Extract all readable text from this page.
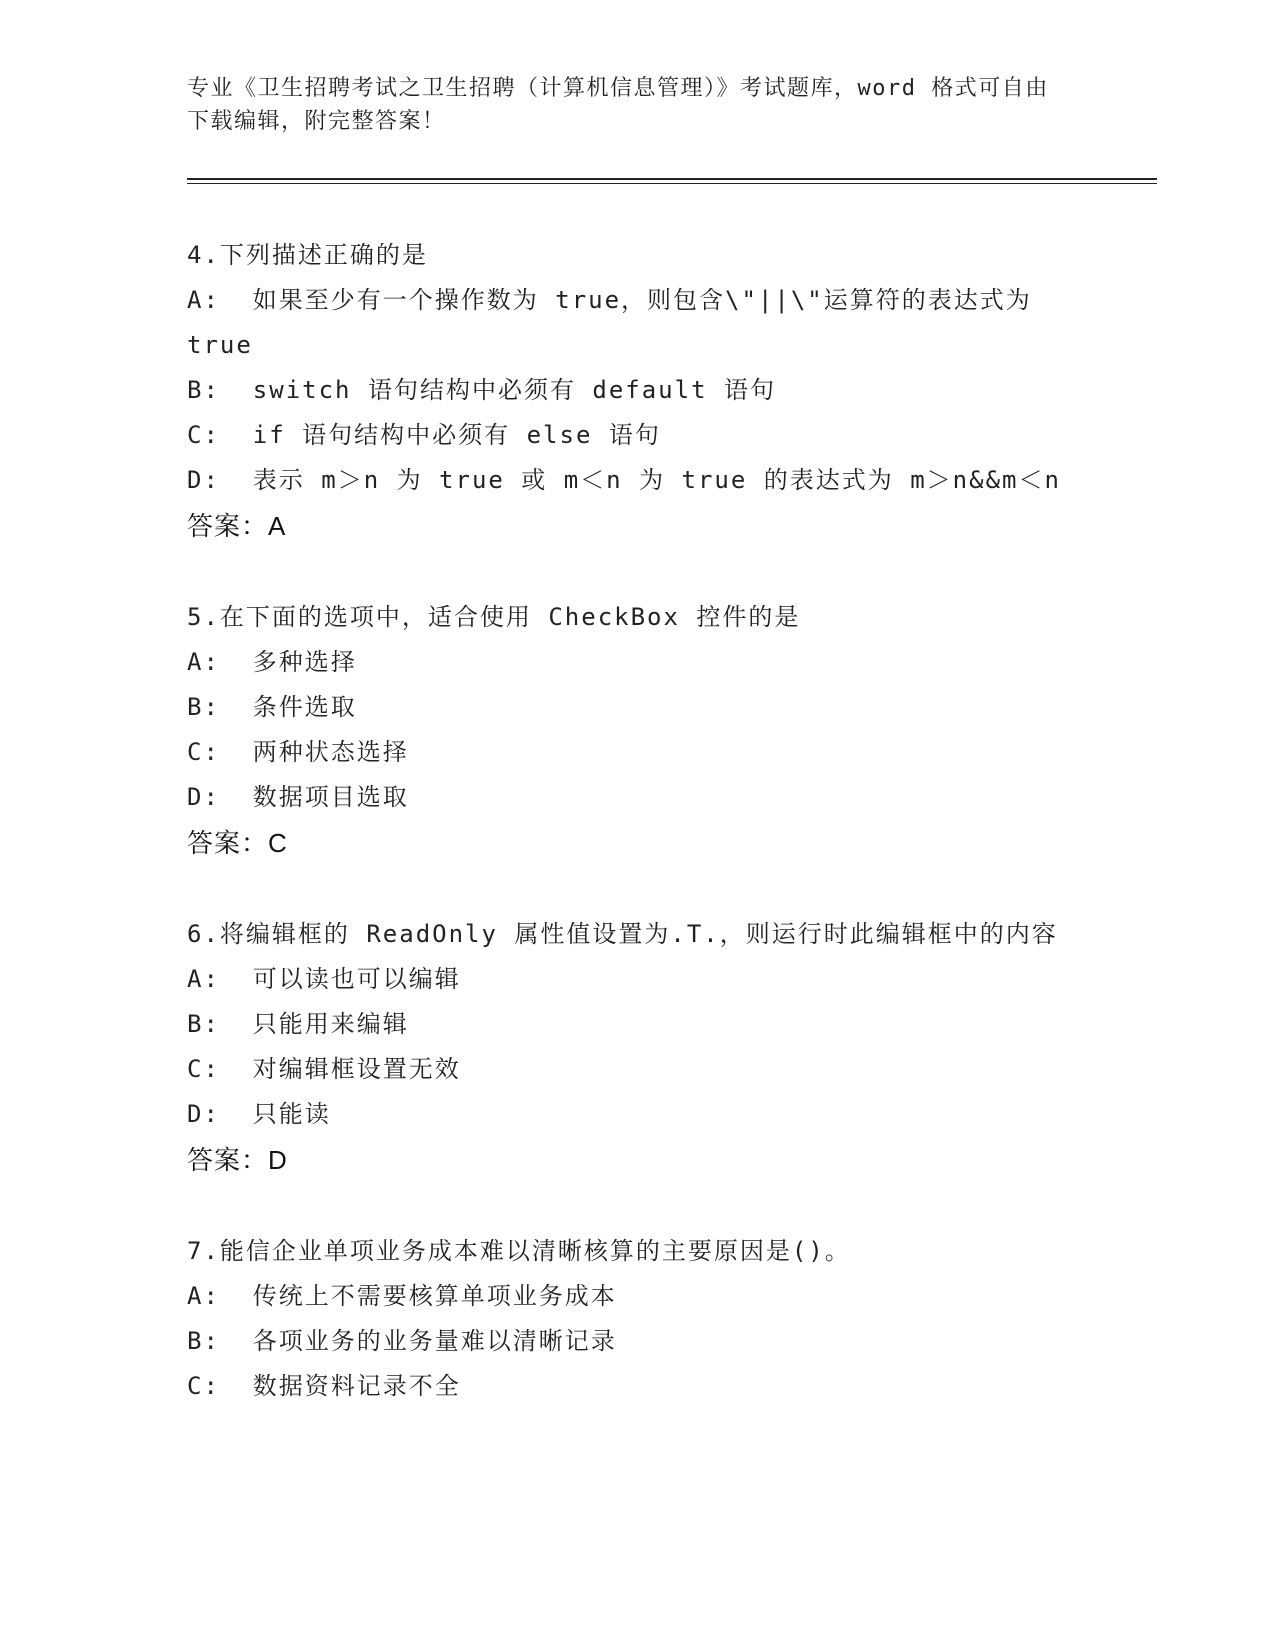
专业《卫生招聘考试之卫生招聘（计算机信息管理）》考试题库，word 格式可自由下载编辑，附完整答案！
4.下列描述正确的是
A:  如果至少有一个操作数为 true，则包含\"||\"运算符的表达式为 true
B:  switch 语句结构中必须有 default 语句
C:  if 语句结构中必须有 else 语句
D:  表示 m＞n 为 true 或 m＜n 为 true 的表达式为 m＞n&&m＜n
答案：A
5.在下面的选项中，适合使用 CheckBox 控件的是
A:  多种选择
B:  条件选取
C:  两种状态选择
D:  数据项目选取
答案：C
6.将编辑框的 ReadOnly 属性值设置为.T.，则运行时此编辑框中的内容
A:  可以读也可以编辑
B:  只能用来编辑
C:  对编辑框设置无效
D:  只能读
答案：D
7.能信企业单项业务成本难以清晰核算的主要原因是()。
A:  传统上不需要核算单项业务成本
B:  各项业务的业务量难以清晰记录
C:  数据资料记录不全
